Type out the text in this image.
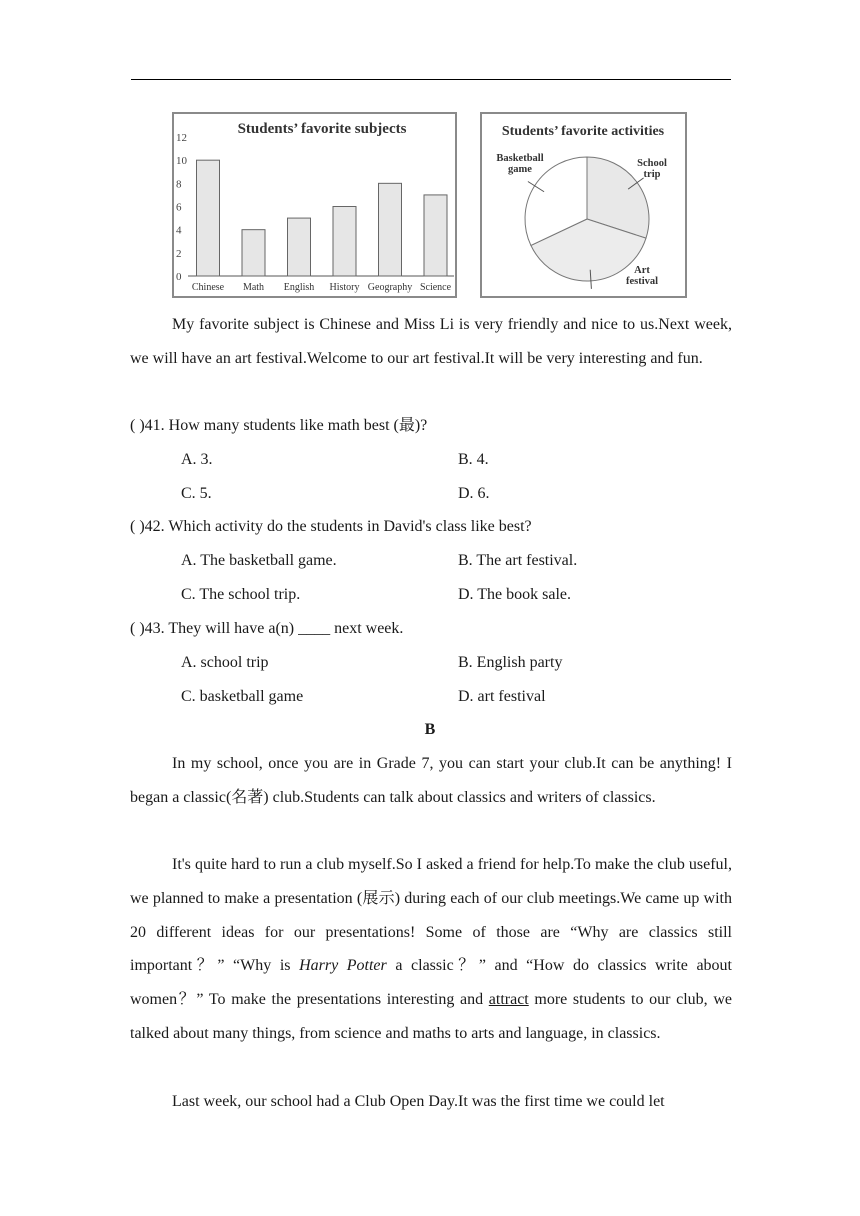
Students’ favorite subjects
0
2
4
6
8
10
12
Chinese Math English History Geography Science
Students’ favorite activities
School
trip
Art
festival
Basketball
game

My favorite subject is Chinese and Miss Li is very friendly and nice to us.Next week, we will have an art festival.Welcome to our art festival.It will be very interesting and fun.

( )41. How many students like math best (最)?
A. 3.	B. 4.
C. 5.	D. 6.
( )42. Which activity do the students in David's class like best?
A. The basketball game.	B. The art festival.
C. The school trip.	D. The book sale.
( )43. They will have a(n) ____ next week.
A. school trip	B. English party
C. basketball game	D. art festival
B

In my school, once you are in Grade 7, you can start your club.It can be anything! I began a classic(名著) club.Students can talk about classics and writers of classics.

It's quite hard to run a club myself.So I asked a friend for help.To make the club useful, we planned to make a presentation (展示) during each of our club meetings.We came up with 20 different ideas for our presentations! Some of those are “Why are classics still important？” “Why is Harry Potter a classic？” and “How do classics write about women？” To make the presentations interesting and attract more students to our club, we talked about many things, from science and maths to arts and language, in classics.

Last week, our school had a Club Open Day.It was the first time we could let
